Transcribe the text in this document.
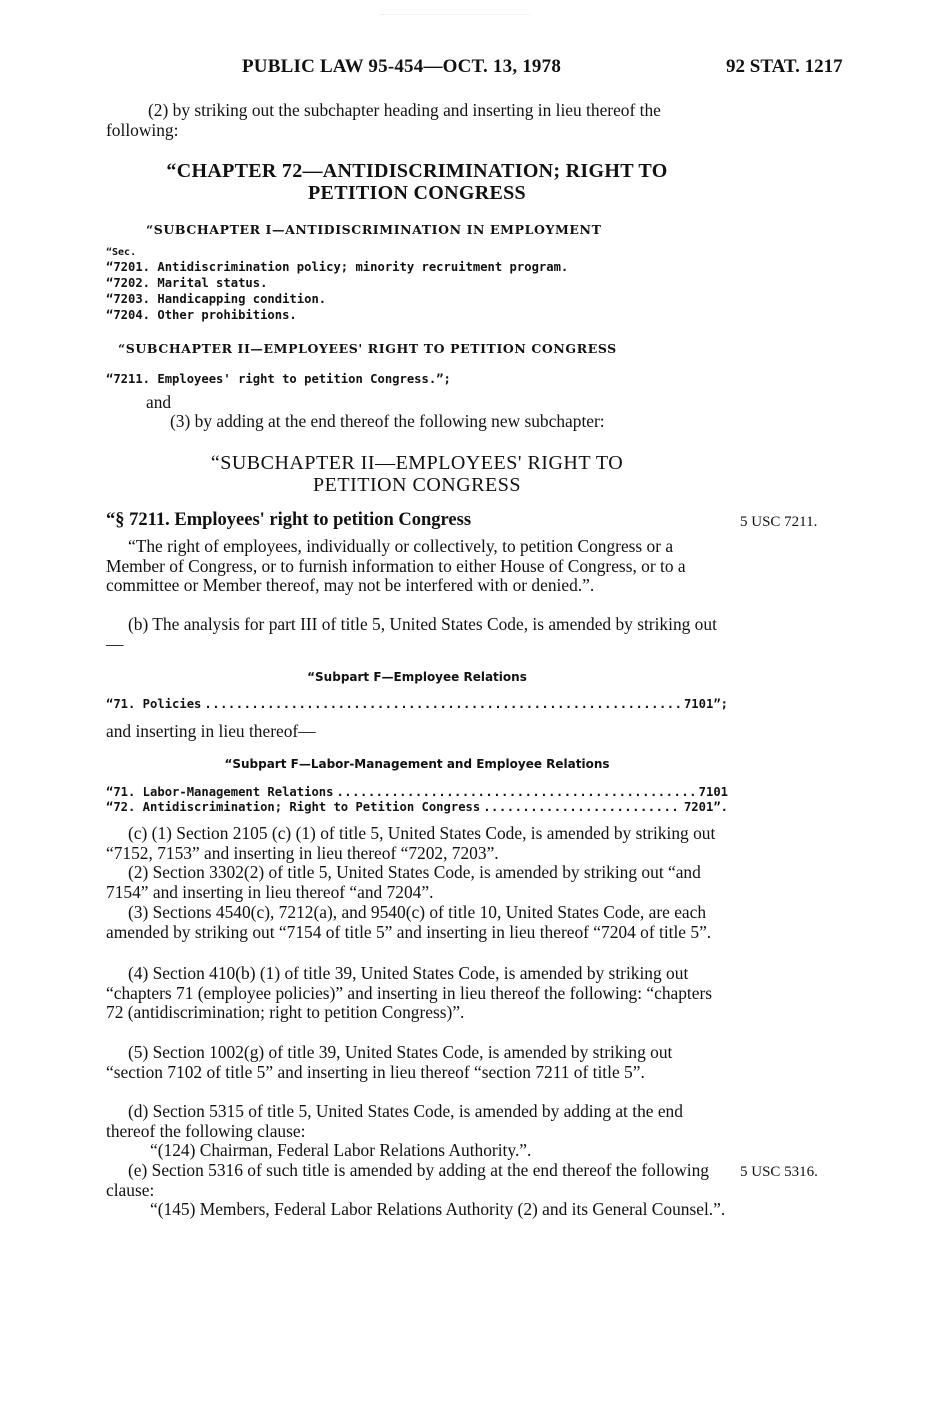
PUBLIC LAW 95-454—OCT. 13, 1978	92 STAT. 1217
(2) by striking out the subchapter heading and inserting in lieu thereof the following:
“CHAPTER 72—ANTIDISCRIMINATION; RIGHT TO
PETITION CONGRESS
“SUBCHAPTER I—ANTIDISCRIMINATION IN EMPLOYMENT
“Sec.
“7201. Antidiscrimination policy; minority recruitment program.
“7202. Marital status.
“7203. Handicapping condition.
“7204. Other prohibitions.
“SUBCHAPTER II—EMPLOYEES' RIGHT TO PETITION CONGRESS
“7211. Employees' right to petition Congress.”;
and
(3) by adding at the end thereof the following new subchapter:
“SUBCHAPTER II—EMPLOYEES' RIGHT TO
PETITION CONGRESS
“§ 7211. Employees' right to petition Congress	5 USC 7211.
“The right of employees, individually or collectively, to petition Congress or a Member of Congress, or to furnish information to either House of Congress, or to a committee or Member thereof, may not be interfered with or denied.”.
(b) The analysis for part III of title 5, United States Code, is amended by striking out—
“Subpart F—Employee Relations
“71. Policies .....	7101”;
and inserting in lieu thereof—
“Subpart F—Labor-Management and Employee Relations
“71. Labor-Management Relations .....	7101
“72. Antidiscrimination; Right to Petition Congress .....	7201”.
(c) (1) Section 2105 (c) (1) of title 5, United States Code, is amended by striking out “7152, 7153” and inserting in lieu thereof “7202, 7203”.
(2) Section 3302(2) of title 5, United States Code, is amended by striking out “and 7154” and inserting in lieu thereof “and 7204”.
(3) Sections 4540(c), 7212(a), and 9540(c) of title 10, United States Code, are each amended by striking out “7154 of title 5” and inserting in lieu thereof “7204 of title 5”.
(4) Section 410(b) (1) of title 39, United States Code, is amended by striking out “chapters 71 (employee policies)” and inserting in lieu thereof the following: “chapters 72 (antidiscrimination; right to petition Congress)”.
(5) Section 1002(g) of title 39, United States Code, is amended by striking out “section 7102 of title 5” and inserting in lieu thereof “section 7211 of title 5”.
(d) Section 5315 of title 5, United States Code, is amended by adding at the end thereof the following clause:
“(124) Chairman, Federal Labor Relations Authority.”.
(e) Section 5316 of such title is amended by adding at the end thereof the following clause:
5 USC 5316.
“(145) Members, Federal Labor Relations Authority (2) and its General Counsel.”.
